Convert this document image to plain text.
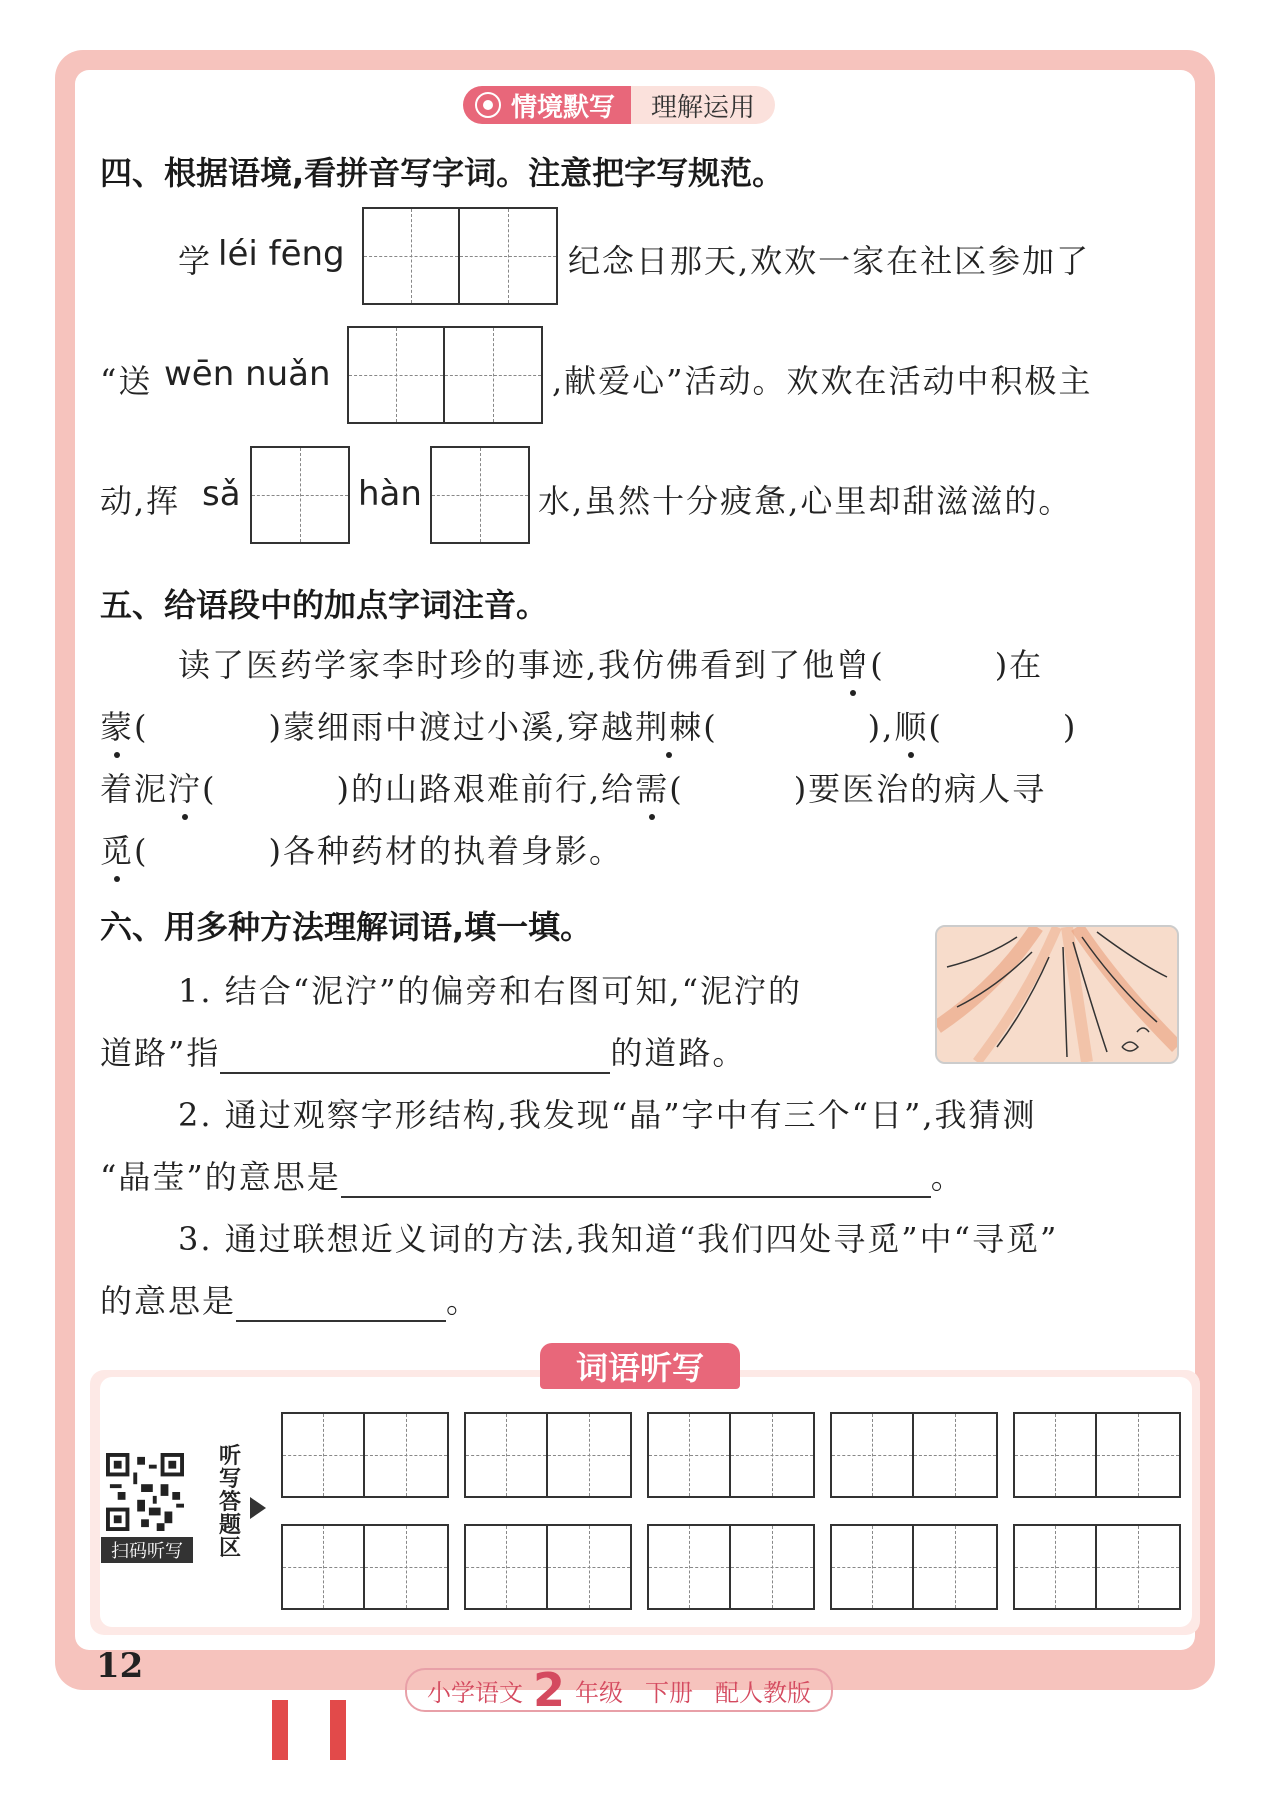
情境默写 理解运用
四、根据语境,看拼音写字词。注意把字写规范。
学 léi fēng	纪念日那天,欢欢一家在社区参加了
“送 wēn nuǎn	,献爱心”活动。欢欢在活动中积极主
动,挥 sǎ	hàn	水,虽然十分疲惫,心里却甜滋滋的。
五、给语段中的加点字词注音。
读了医药学家李时珍的事迹,我仿佛看到了他曾(	)在
蒙(	)蒙细雨中渡过小溪,穿越荆棘(	),顺(	)
着泥泞(	)的山路艰难前行,给需(	)要医治的病人寻
觅(	)各种药材的执着身影。
六、用多种方法理解词语,填一填。
1. 结合“泥泞”的偏旁和右图可知,“泥泞的
道路”指	的道路。
2. 通过观察字形结构,我发现“晶”字中有三个“日”,我猜测
“晶莹”的意思是	。
3. 通过联想近义词的方法,我知道“我们四处寻觅”中“寻觅”
的意思是	。
词语听写
扫码听写
听写答题区
12
小学语文 2 年级 下册 配人教版
